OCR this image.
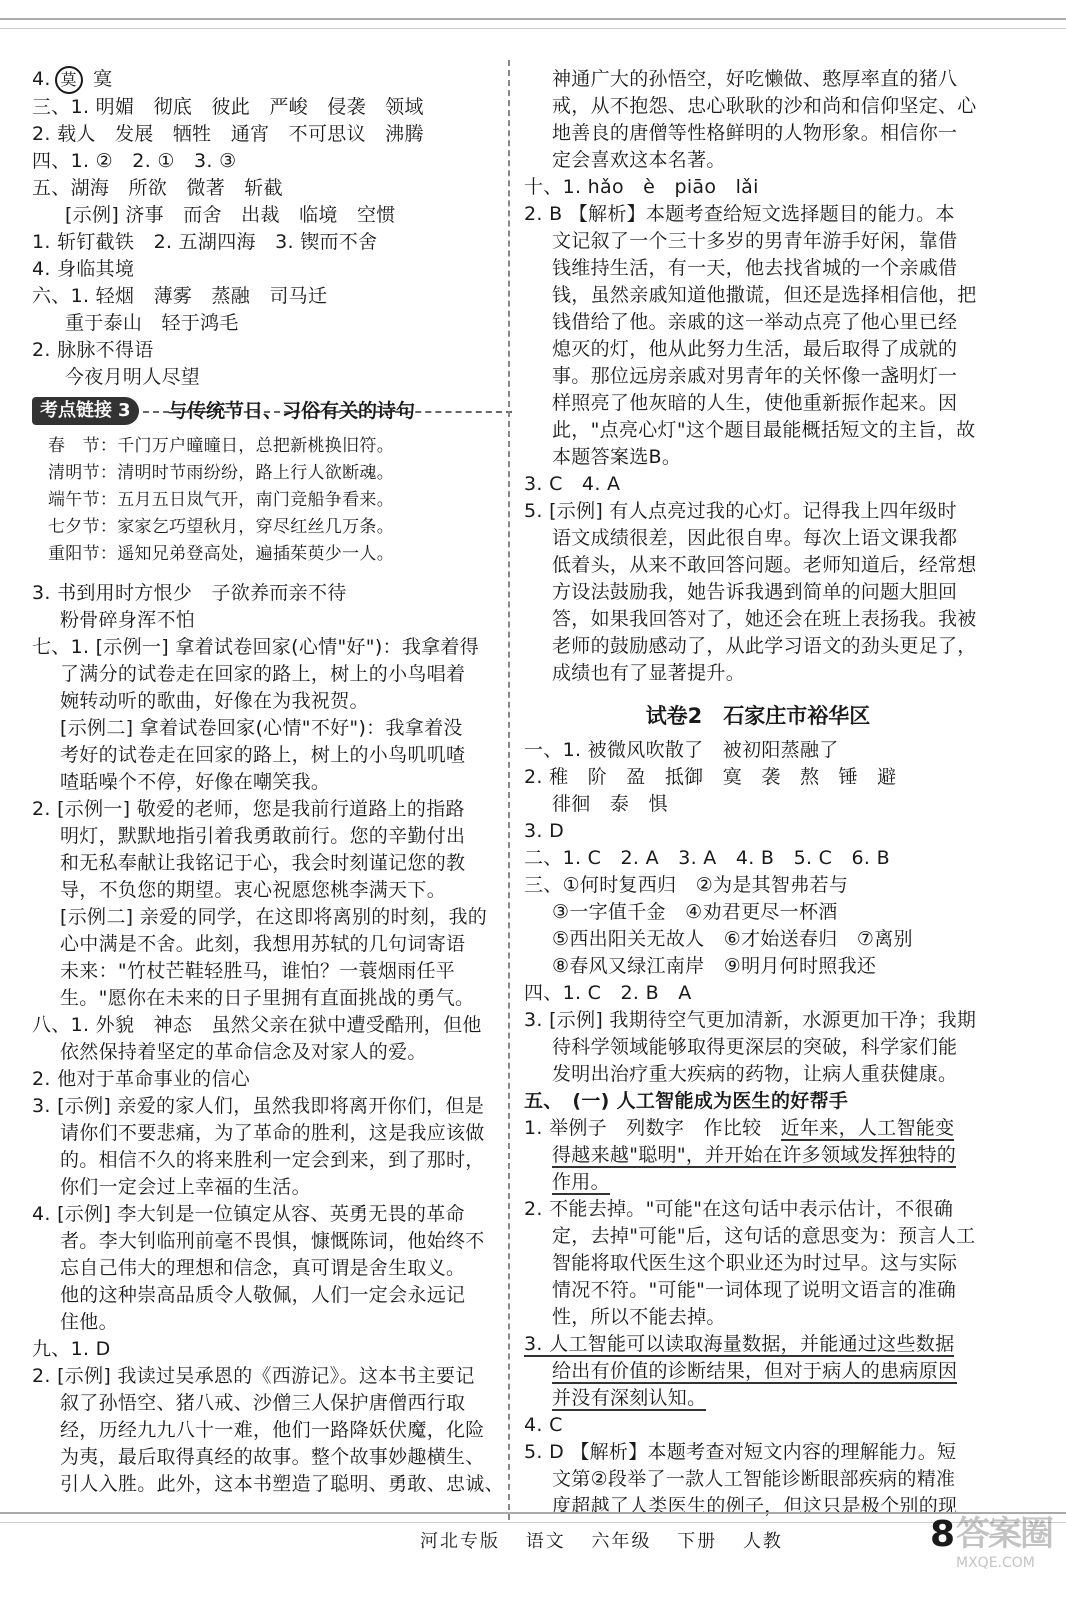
4. 莫 寞
三、1. 明媚　彻底　彼此　严峻　侵袭　领域
2. 载人　发展　牺牲　通宵　不可思议　沸腾
四、1. ②　2. ①　3. ③
五、湖海　所欲　微著　斩截
[示例] 济事　而舍　出裁　临境　空惯
1. 斩钉截铁　2. 五湖四海　3. 锲而不舍
4. 身临其境
六、1. 轻烟　薄雾　蒸融　司马迁
重于泰山　轻于鸿毛
2. 脉脉不得语
今夜月明人尽望
考点链接 3	与传统节日、习俗有关的诗句
春　节：千门万户曈曈日，总把新桃换旧符。
清明节：清明时节雨纷纷，路上行人欲断魂。
端午节：五月五日岚气开，南门竞船争看来。
七夕节：家家乞巧望秋月，穿尽红丝几万条。
重阳节：遥知兄弟登高处，遍插茱萸少一人。
3. 书到用时方恨少　子欲养而亲不待
粉骨碎身浑不怕
七、1. [示例一] 拿着试卷回家(心情"好")：我拿着得
了满分的试卷走在回家的路上，树上的小鸟唱着
婉转动听的歌曲，好像在为我祝贺。
[示例二] 拿着试卷回家(心情"不好")：我拿着没
考好的试卷走在回家的路上，树上的小鸟叽叽喳
喳聒噪个不停，好像在嘲笑我。
2. [示例一] 敬爱的老师，您是我前行道路上的指路
明灯，默默地指引着我勇敢前行。您的辛勤付出
和无私奉献让我铭记于心，我会时刻谨记您的教
导，不负您的期望。衷心祝愿您桃李满天下。
[示例二] 亲爱的同学，在这即将离别的时刻，我的
心中满是不舍。此刻，我想用苏轼的几句词寄语
未来："竹杖芒鞋轻胜马，谁怕？一蓑烟雨任平
生。"愿你在未来的日子里拥有直面挑战的勇气。
八、1. 外貌　神态　虽然父亲在狱中遭受酷刑，但他
依然保持着坚定的革命信念及对家人的爱。
2. 他对于革命事业的信心
3. [示例] 亲爱的家人们，虽然我即将离开你们，但是
请你们不要悲痛，为了革命的胜利，这是我应该做
的。相信不久的将来胜利一定会到来，到了那时，
你们一定会过上幸福的生活。
4. [示例] 李大钊是一位镇定从容、英勇无畏的革命
者。李大钊临刑前毫不畏惧，慷慨陈词，他始终不
忘自己伟大的理想和信念，真可谓是舍生取义。
他的这种崇高品质令人敬佩，人们一定会永远记
住他。
九、1. D
2. [示例] 我读过吴承恩的《西游记》。这本书主要记
叙了孙悟空、猪八戒、沙僧三人保护唐僧西行取
经，历经九九八十一难，他们一路降妖伏魔，化险
为夷，最后取得真经的故事。整个故事妙趣横生、
引人入胜。此外，这本书塑造了聪明、勇敢、忠诚、
神通广大的孙悟空，好吃懒做、憨厚率直的猪八
戒，从不抱怨、忠心耿耿的沙和尚和信仰坚定、心
地善良的唐僧等性格鲜明的人物形象。相信你一
定会喜欢这本名著。
十、1. hǎo　è　piāo　lǎi
2. B 【解析】本题考查给短文选择题目的能力。本
文记叙了一个三十多岁的男青年游手好闲，靠借
钱维持生活，有一天，他去找省城的一个亲戚借
钱，虽然亲戚知道他撒谎，但还是选择相信他，把
钱借给了他。亲戚的这一举动点亮了他心里已经
熄灭的灯，他从此努力生活，最后取得了成就的
事。那位远房亲戚对男青年的关怀像一盏明灯一
样照亮了他灰暗的人生，使他重新振作起来。因
此，"点亮心灯"这个题目最能概括短文的主旨，故
本题答案选B。
3. C　4. A
5. [示例] 有人点亮过我的心灯。记得我上四年级时
语文成绩很差，因此很自卑。每次上语文课我都
低着头，从来不敢回答问题。老师知道后，经常想
方设法鼓励我，她告诉我遇到简单的问题大胆回
答，如果我回答对了，她还会在班上表扬我。我被
老师的鼓励感动了，从此学习语文的劲头更足了，
成绩也有了显著提升。
试卷2　石家庄市裕华区
一、1. 被微风吹散了　被初阳蒸融了
2. 稚　阶　盈　抵御　寞　袭　熬　锤　避
徘徊　泰　惧
3. D
二、1. C　2. A　3. A　4. B　5. C　6. B
三、①何时复西归　②为是其智弗若与
③一字值千金　④劝君更尽一杯酒
⑤西出阳关无故人　⑥才始送春归　⑦离别
⑧春风又绿江南岸　⑨明月何时照我还
四、1. C　2. B　A
3. [示例] 我期待空气更加清新，水源更加干净；我期
待科学领域能够取得更深层的突破，科学家们能
发明出治疗重大疾病的药物，让病人重获健康。
五、　(一) 人工智能成为医生的好帮手
1. 举例子　列数字　作比较　近年来，人工智能变
得越来越"聪明"，并开始在许多领域发挥独特的
作用。
2. 不能去掉。"可能"在这句话中表示估计，不很确
定，去掉"可能"后，这句话的意思变为：预言人工
智能将取代医生这个职业还为时过早。这与实际
情况不符。"可能"一词体现了说明文语言的准确
性，所以不能去掉。
3. 人工智能可以读取海量数据，并能通过这些数据
给出有价值的诊断结果，但对于病人的患病原因
并没有深刻认知。
4. C
5. D 【解析】本题考查对短文内容的理解能力。短
文第②段举了一款人工智能诊断眼部疾病的精准
度超越了人类医生的例子，但这只是极个别的现
河北专版 语文 六年级 下册 人教	8 答案圈
MXQE.COM
